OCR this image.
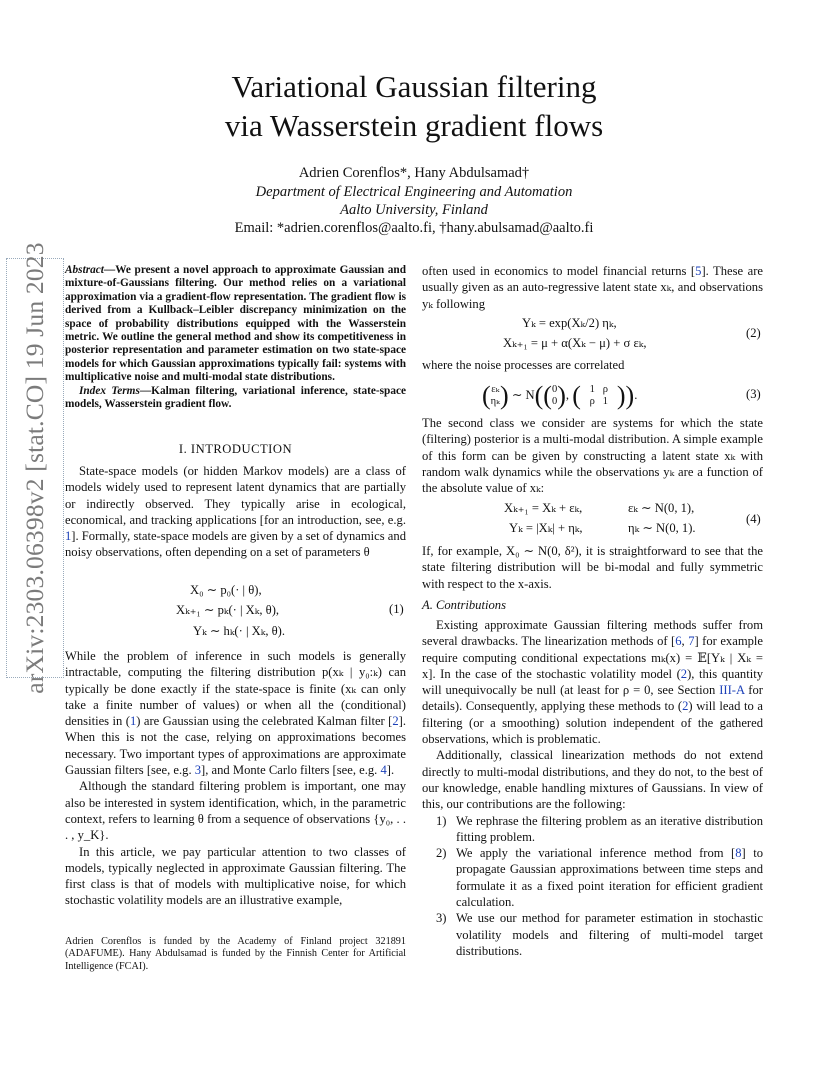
arXiv:2303.06398v2 [stat.CO] 19 Jun 2023
Variational Gaussian filtering
via Wasserstein gradient flows
Adrien Corenflos*, Hany Abdulsamad†
Department of Electrical Engineering and Automation
Aalto University, Finland
Email: *adrien.corenflos@aalto.fi, †hany.abulsamad@aalto.fi
Abstract—We present a novel approach to approximate Gaussian and mixture-of-Gaussians filtering. Our method relies on a variational approximation via a gradient-flow representation. The gradient flow is derived from a Kullback–Leibler discrepancy minimization on the space of probability distributions equipped with the Wasserstein metric. We outline the general method and show its competitiveness in posterior representation and parameter estimation on two state-space models for which Gaussian approximations typically fail: systems with multiplicative noise and multi-modal state distributions.
Index Terms—Kalman filtering, variational inference, state-space models, Wasserstein gradient flow.
I. INTRODUCTION

State-space models (or hidden Markov models) are a class of models widely used to represent latent dynamics that are partially or indirectly observed. They typically arise in ecological, economical, and tracking applications [for an introduction, see, e.g. 1]. Formally, state-space models are given by a set of dynamics and noisy observations, often depending on a set of parameters θ

X₀ ∼ p₀(· | θ),
Xₖ₊₁ ∼ pₖ(· | Xₖ, θ),
Yₖ ∼ hₖ(· | Xₖ, θ).
(1)

While the problem of inference in such models is generally intractable, computing the filtering distribution p(xₖ | y₀:ₖ) can typically be done exactly if the state-space is finite (xₖ can only take a finite number of values) or when all the (conditional) densities in (1) are Gaussian using the celebrated Kalman filter [2]. When this is not the case, relying on approximations becomes necessary. Two important types of approximations are approximate Gaussian filters [see, e.g. 3], and Monte Carlo filters [see, e.g. 4].

Although the standard filtering problem is important, one may also be interested in system identification, which, in the parametric context, refers to learning θ from a sequence of observations {y₀, . . . , y_K}.

In this article, we pay particular attention to two classes of models, typically neglected in approximate Gaussian filtering. The first class is that of models with multiplicative noise, for which stochastic volatility models are an illustrative example,

Adrien Corenflos is funded by the Academy of Finland project 321891 (ADAFUME). Hany Abdulsamad is funded by the Finnish Center for Artificial Intelligence (FCAI).

often used in economics to model financial returns [5]. These are usually given as an auto-regressive latent state xₖ, and observations yₖ following

Yₖ = exp(Xₖ/2) ηₖ,
Xₖ₊₁ = μ + α(Xₖ − μ) + σ εₖ,
(2)
where the noise processes are correlated
(εₖ
ηₖ) ∼ N((0
0), ( 1 ρ
ρ 1 )).	(3)
The second class we consider are systems for which the state (filtering) posterior is a multi-modal distribution. A simple example of this form can be given by constructing a latent state xₖ with random walk dynamics while the observations yₖ are a function of the absolute value of xₖ:
Xₖ₊₁ = Xₖ + εₖ,	εₖ ∼ N(0, 1),
Yₖ = |Xₖ| + ηₖ,	ηₖ ∼ N(0, 1).
(4)
If, for example, X₀ ∼ N(0, δ²), it is straightforward to see that the state filtering distribution will be bi-modal and fully symmetric with respect to the x-axis.
A. Contributions

Existing approximate Gaussian filtering methods suffer from several drawbacks. The linearization methods of [6, 7] for example require computing conditional expectations mₖ(x) = 𝔼[Yₖ | Xₖ = x]. In the case of the stochastic volatility model (2), this quantity will unequivocally be null (at least for ρ = 0, see Section III-A for details). Consequently, applying these methods to (2) will lead to a filtering (or a smoothing) solution independent of the gathered observations, which is problematic.

Additionally, classical linearization methods do not extend directly to multi-modal distributions, and they do not, to the best of our knowledge, enable handling mixtures of Gaussians. In view of this, our contributions are the following:

1) We rephrase the filtering problem as an iterative distribution fitting problem.

2) We apply the variational inference method from [8] to propagate Gaussian approximations between time steps and formulate it as a fixed point iteration for efficient gradient calculation.

3) We use our method for parameter estimation in stochastic volatility models and filtering of multi-model target distributions.
